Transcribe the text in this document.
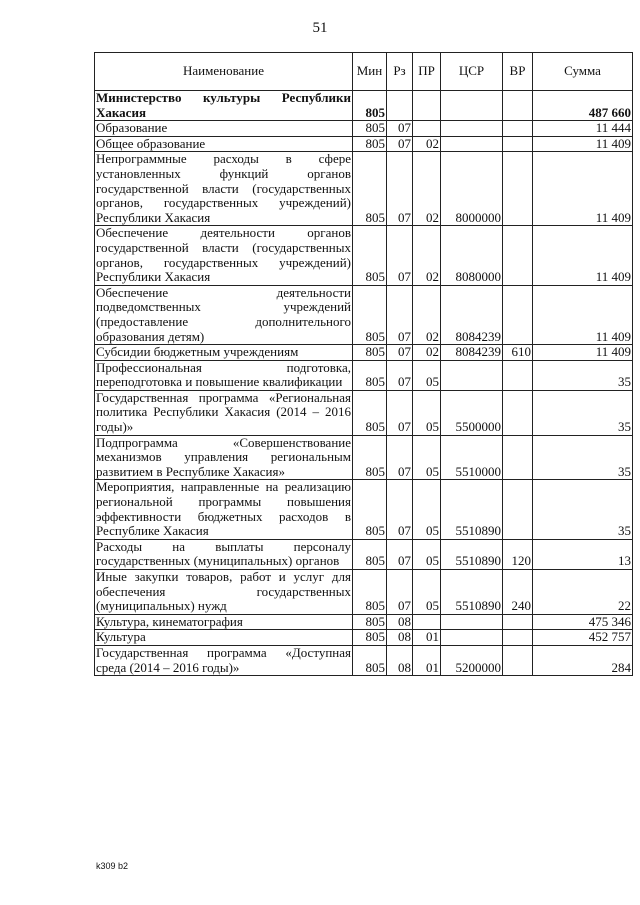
51
Наименование	Мин	Рз	ПР	ЦСР	ВР	Сумма
Министерство культуры Республики Хакасия	805					487 660
Образование	805	07				11 444
Общее образование	805	07	02			11 409
Непрограммные расходы в сфере установленных функций органов государственной власти (государственных органов, государственных учреждений) Республики Хакасия	805	07	02	8000000		11 409
Обеспечение деятельности органов государственной власти (государственных органов, государственных учреждений) Республики Хакасия	805	07	02	8080000		11 409
Обеспечение деятельности подведомственных учреждений (предоставление дополнительного образования детям)	805	07	02	8084239		11 409
Субсидии бюджетным учреждениям	805	07	02	8084239	610	11 409
Профессиональная подготовка, переподготовка и повышение квалификации	805	07	05			35
Государственная программа «Региональная политика Республики Хакасия (2014 – 2016 годы)»	805	07	05	5500000		35
Подпрограмма «Совершенствование механизмов управления региональным развитием в Республике Хакасия»	805	07	05	5510000		35
Мероприятия, направленные на реализацию региональной программы повышения эффективности бюджетных расходов в Республике Хакасия	805	07	05	5510890		35
Расходы на выплаты персоналу государственных (муниципальных) органов	805	07	05	5510890	120	13
Иные закупки товаров, работ и услуг для обеспечения государственных (муниципальных) нужд	805	07	05	5510890	240	22
Культура, кинематография	805	08				475 346
Культура	805	08	01			452 757
Государственная программа «Доступная среда (2014 – 2016 годы)»	805	08	01	5200000		284
k309 b2
